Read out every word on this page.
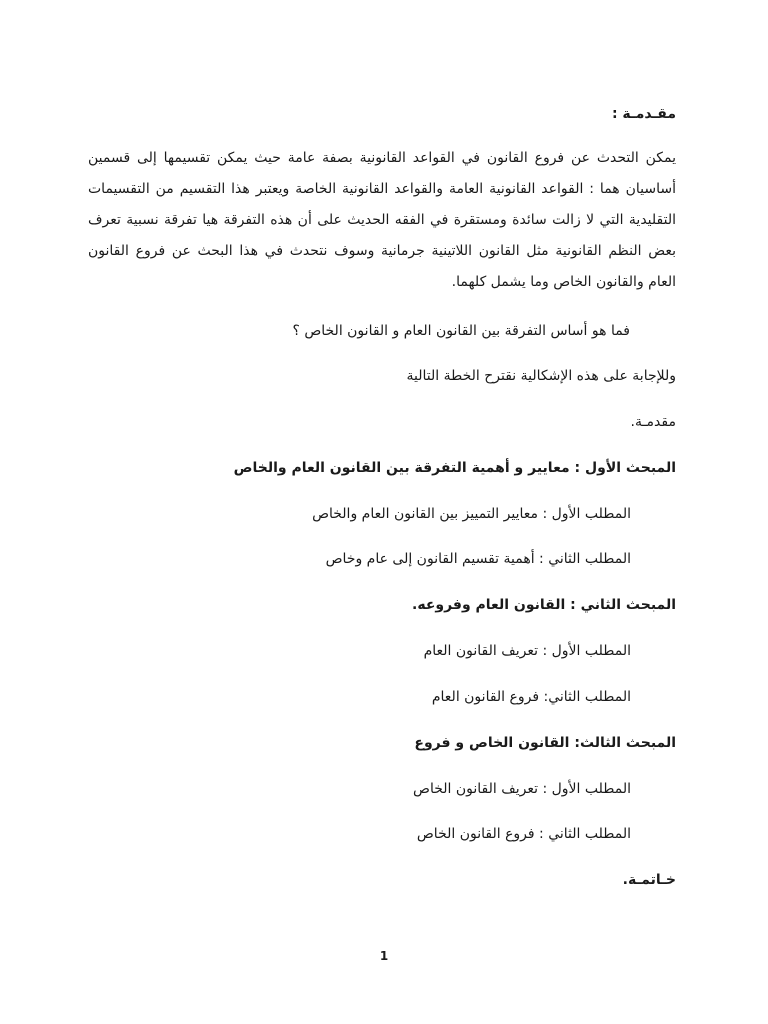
مقـدمـة :
يمكن التحدث عن فروع القانون في القواعد القانونية بصفة عامة حيث يمكن تقسيمها إلى قسمين أساسيان هما : القواعد القانونية العامة والقواعد القانونية الخاصة ويعتبر هذا التقسيم من التقسيمات التقليدية التي لا زالت سائدة ومستقرة في الفقه الحديث على أن هذه التفرقة هيا تفرقة نسبية تعرف بعض النظم القانونية مثل القانون اللاتينية جرمانية وسوف نتحدث في هذا البحث عن فروع القانون العام والقانون الخاص وما يشمل كلهما.
فما هو أساس التفرقة بين القانون العام و القانون الخاص ؟
وللإجابة على هذه الإشكالية نقترح الخطة التالية
مقدمـة.
المبحث الأول : معايير و أهمية التفرقة بين القانون العام والخاص
المطلب الأول : معايير التمييز بين القانون العام والخاص
المطلب الثاني : أهمية تقسيم القانون إلى عام وخاص
المبحث الثاني : القانون العام وفروعه.
المطلب الأول : تعريف القانون العام
المطلب الثاني: فروع القانون العام
المبحث الثالث: القانون الخاص و فروع
المطلب الأول : تعريف القانون الخاص
المطلب الثاني : فروع القانون الخاص
خـاتمـة.
1
